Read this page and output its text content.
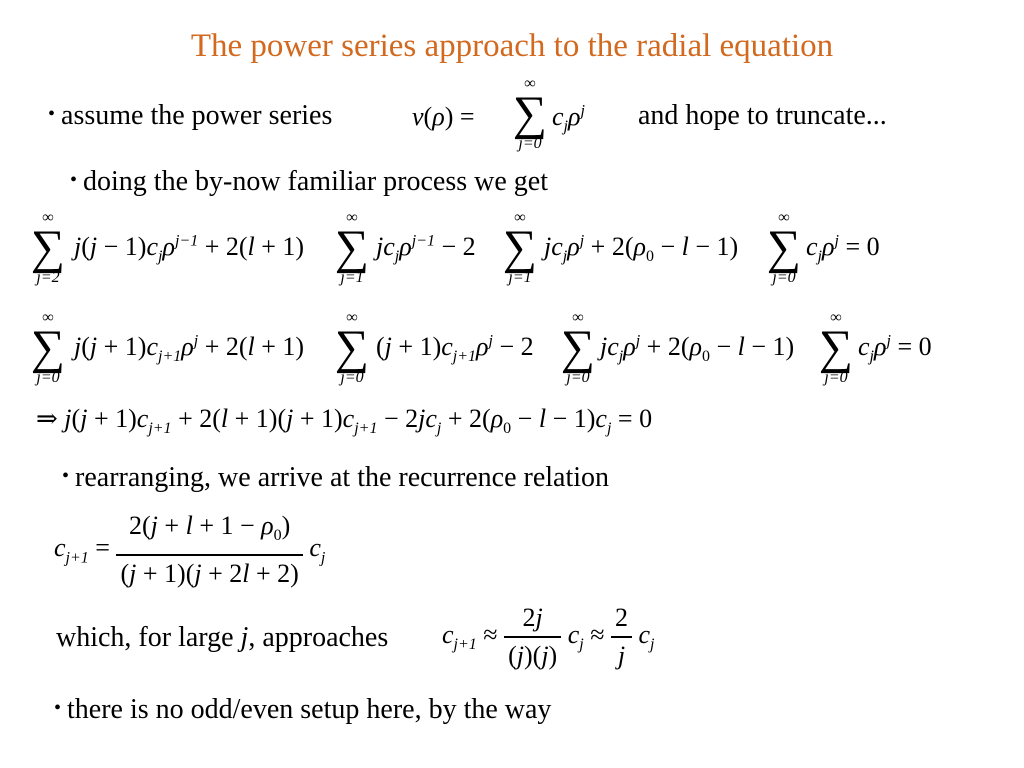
The power series approach to the radial equation
• assume the power series	v(ρ) =
∞
∑
j=0
$c_j\rho^j$ and hope to truncate...
• doing the by-now familiar process we get
∞
∑
j=2
$j(j - 1)c_j\rho^{j-1} + 2(l + 1)$
∞
∑
j=1
$jc_j\rho^{j-1} - 2$
∞
∑
j=1
$jc_j\rho^j + 2(\rho_0 - l - 1)$
∞
∑
j=0
$c_j\rho^j = 0$
∞
∑
j=0
$j(j + 1)c_{j+1}\rho^j + 2(l + 1)$
∞
∑
j=0
$(j + 1)c_{j+1}\rho^j - 2$
∞
∑
j=0
$jc_j\rho^j + 2(\rho_0 - l - 1)$
∞
∑
j=0
$c_j\rho^j = 0$
⇒ $j(j + 1)c_{j+1} + 2(l + 1)(j + 1)c_{j+1} - 2jc_j + 2(\rho_0 - l - 1)c_j = 0$
• rearranging, we arrive at the recurrence relation
$c_{j+1} = \frac{2(j + l + 1 - \rho_0)}{(j + 1)(j + 2l + 2)} c_j$
which, for large j, approaches $c_{j+1} \approx \frac{2j}{(j)(j)} c_j \approx \frac{2}{j} c_j$
• there is no odd/even setup here, by the way
